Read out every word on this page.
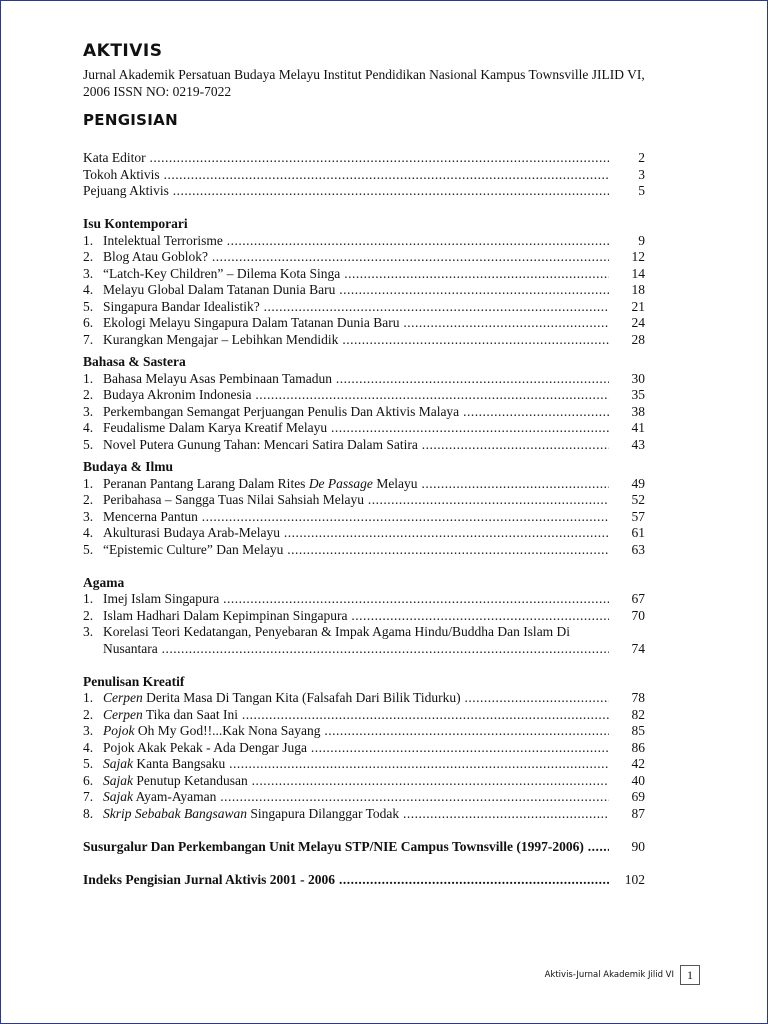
AKTIVIS
Jurnal Akademik Persatuan Budaya Melayu Institut Pendidikan Nasional Kampus Townsville JILID VI,
2006 ISSN NO: 0219-7022
PENGISIAN
Kata Editor .....	2
Tokoh Aktivis .....	3
Pejuang Aktivis .....	5
Isu Kontemporari
1. Intelektual Terrorisme .....	9
2. Blog Atau Goblok? .....	12
3. “Latch-Key Children” – Dilema Kota Singa .....	14
4. Melayu Global Dalam Tatanan Dunia Baru .....	18
5. Singapura Bandar Idealistik? .....	21
6. Ekologi Melayu Singapura Dalam Tatanan Dunia Baru .....	24
7. Kurangkan Mengajar – Lebihkan Mendidik .....	28
Bahasa & Sastera
1. Bahasa Melayu Asas Pembinaan Tamadun .....	30
2. Budaya Akronim Indonesia .....	35
3. Perkembangan Semangat Perjuangan Penulis Dan Aktivis Malaya .....	38
4. Feudalisme Dalam Karya Kreatif Melayu .....	41
5. Novel Putera Gunung Tahan: Mencari Satira Dalam Satira .....	43
Budaya & Ilmu
1. Peranan Pantang Larang Dalam Rites De Passage Melayu .....	49
2. Peribahasa – Sangga Tuas Nilai Sahsiah Melayu .....	52
3. Mencerna Pantun .....	57
4. Akulturasi Budaya Arab-Melayu .....	61
5. “Epistemic Culture” Dan Melayu .....	63
Agama
1. Imej Islam Singapura .....	67
2. Islam Hadhari Dalam Kepimpinan Singapura .....	70
3. Korelasi Teori Kedatangan, Penyebaran & Impak Agama Hindu/Buddha Dan Islam Di
Nusantara .....	74
Penulisan Kreatif
1. Cerpen Derita Masa Di Tangan Kita (Falsafah Dari Bilik Tidurku) .....	78
2. Cerpen Tika dan Saat Ini .....	82
3. Pojok Oh My God!!...Kak Nona Sayang .....	85
4. Pojok Akak Pekak - Ada Dengar Juga .....	86
5. Sajak Kanta Bangsaku .....	42
6. Sajak Penutup Ketandusan .....	40
7. Sajak Ayam-Ayaman .....	69
8. Skrip Sebabak Bangsawan Singapura Dilanggar Todak .....	87
Susurgalur Dan Perkembangan Unit Melayu STP/NIE Campus Townsville (1997-2006) .....	90
Indeks Pengisian Jurnal Aktivis 2001 - 2006 .....	102
Aktivis-Jurnal Akademik Jilid VI	1
